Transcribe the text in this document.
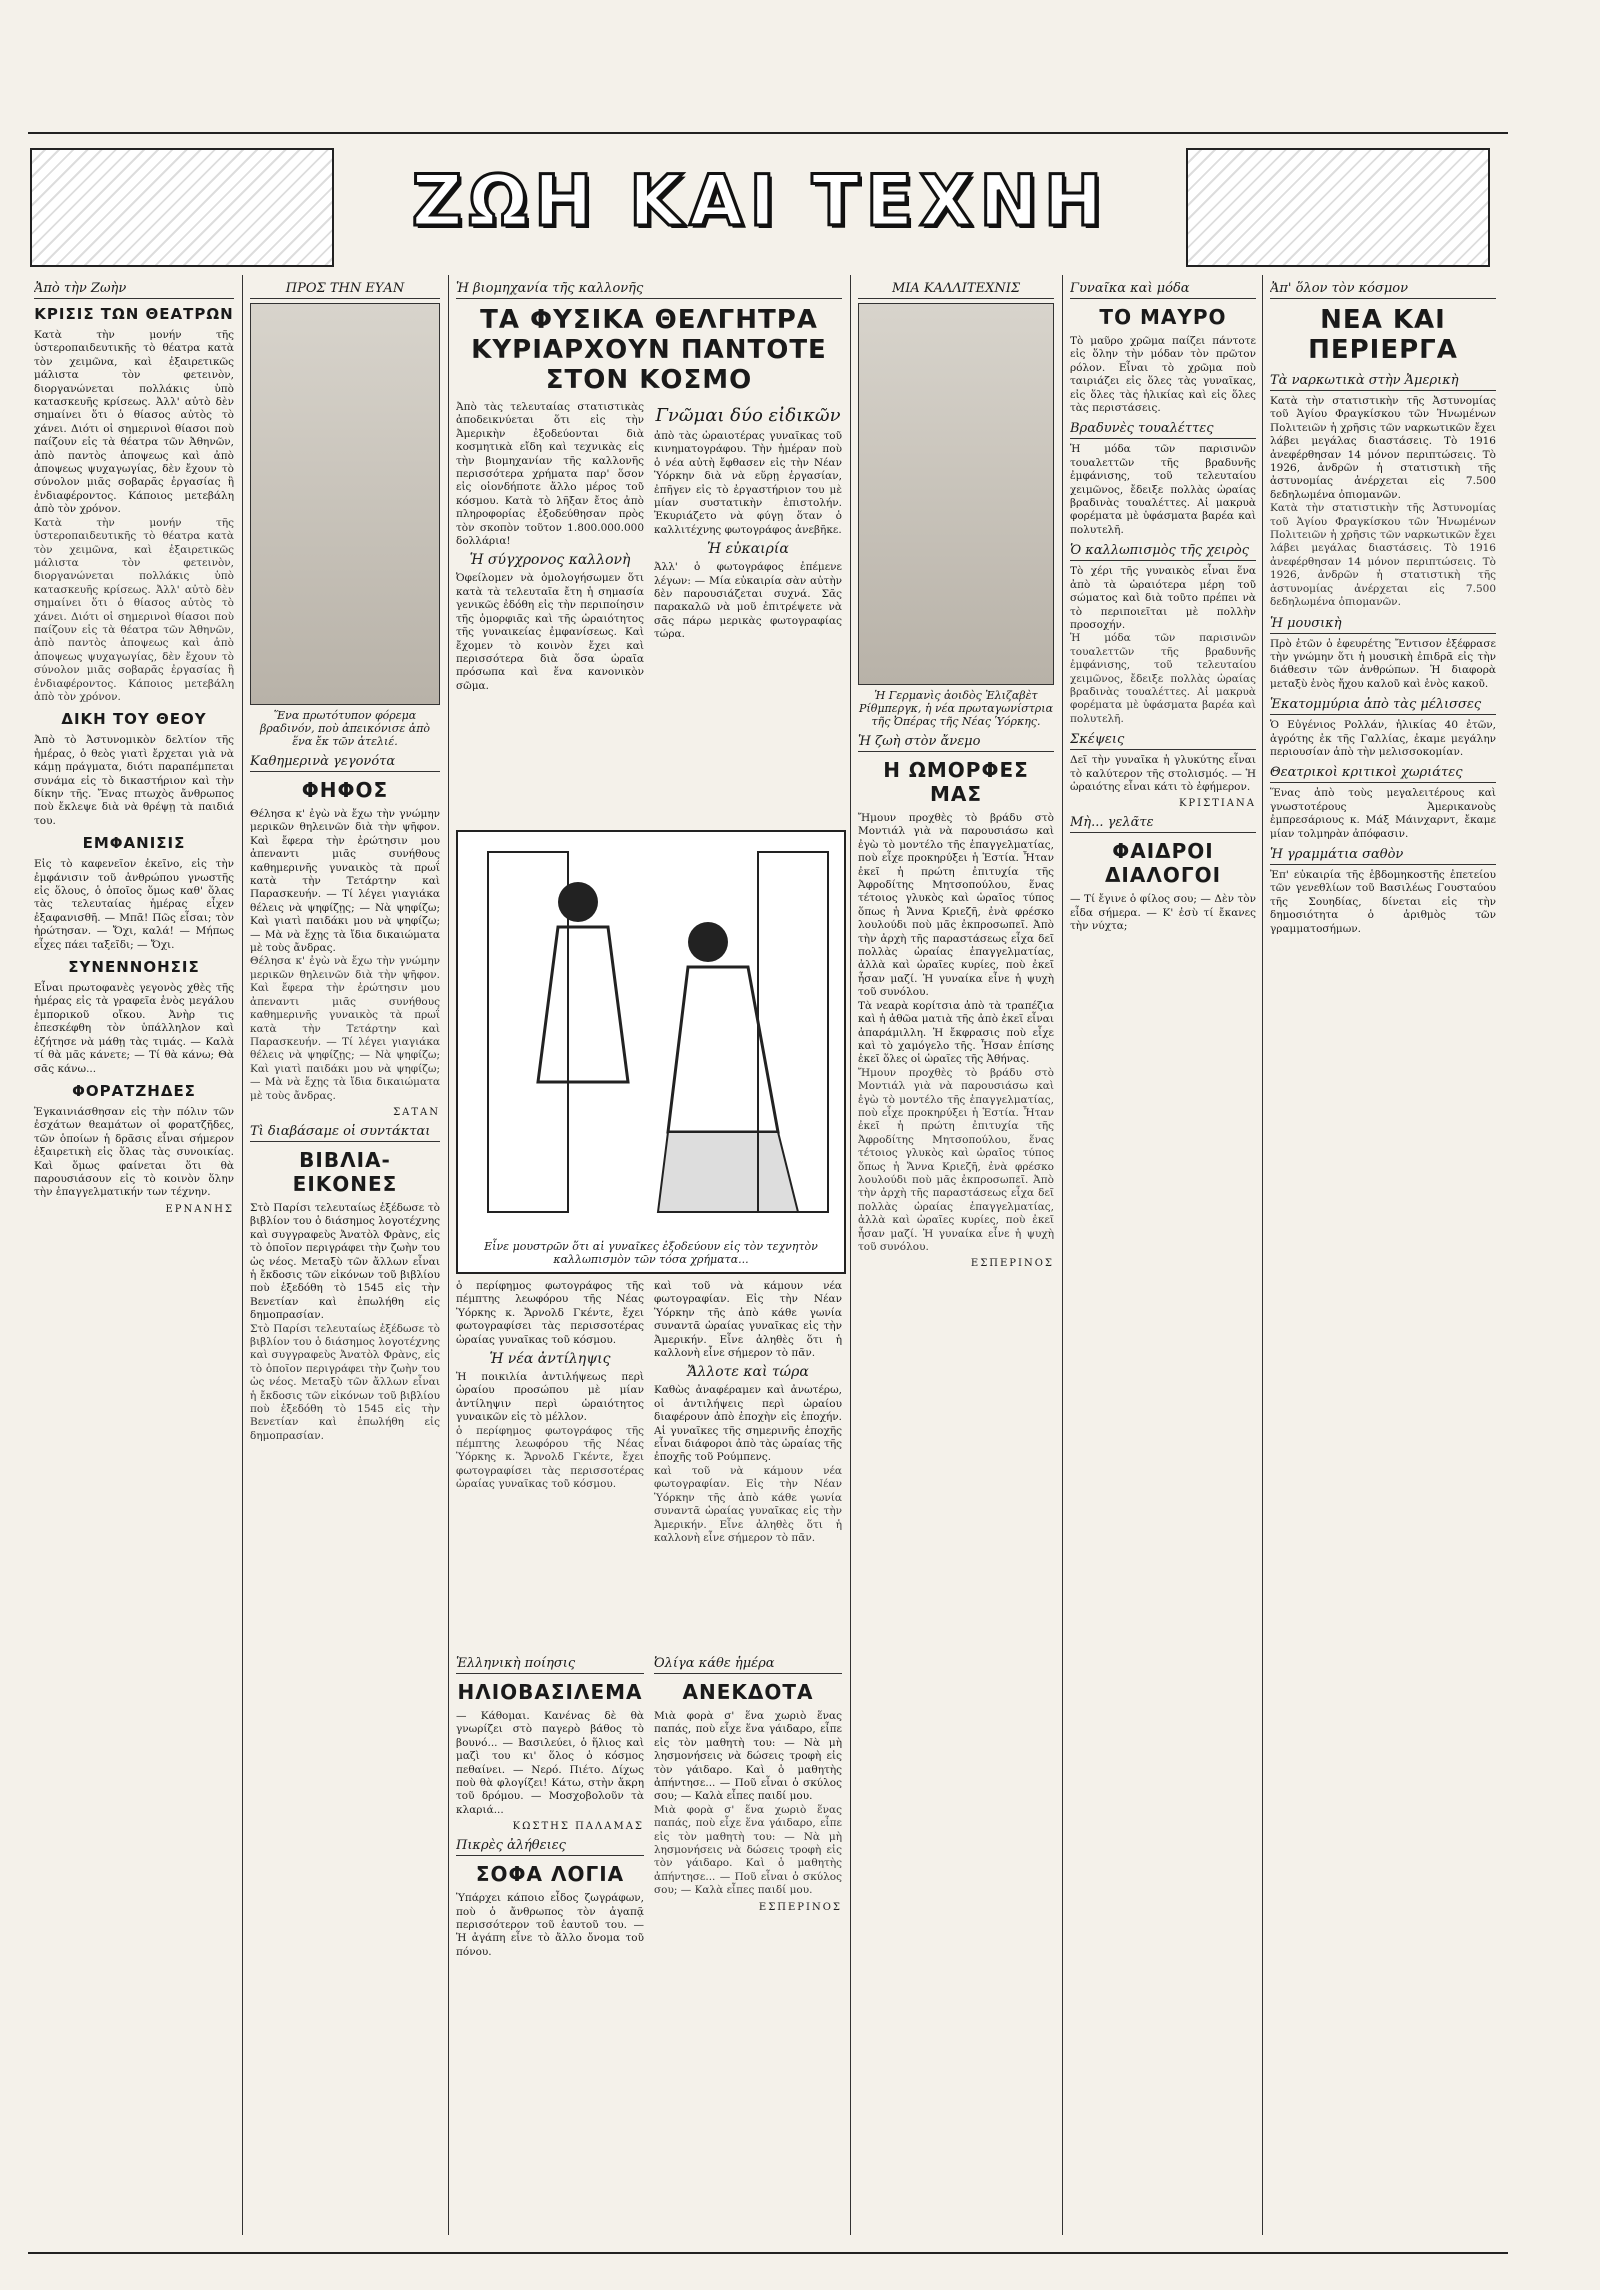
ΖΩΗ ΚΑΙ ΤΕΧΝΗ
Ἀπὸ τὴν Ζωὴν
ΚΡΙΣΙΣ ΤΩΝ ΘΕΑΤΡΩΝ
Κατὰ τὴν μονήν τῆς ὑστεροπαιδευτικῆς τὸ θέατρα κατὰ τὸν χειμῶνα, καὶ ἐξαιρετικῶς μάλιστα τὸν φετεινὸν, διοργανώνεται πολλάκις ὑπὸ κατασκευῆς κρίσεως. Ἀλλ' αὐτὸ δὲν σημαίνει ὅτι ὁ θίασος αὐτὸς τὸ χάνει. Διότι οἱ σημερινοὶ θίασοι ποὺ παίζουν εἰς τὰ θέατρα τῶν Ἀθηνῶν, ἀπὸ παντὸς ἀποψεως καὶ ἀπὸ ἀποψεως ψυχαγωγίας, δὲν ἔχουν τὸ σύνολον μιᾶς σοβαρᾶς ἐργασίας ἢ ἐνδιαφέροντος. Κάποιος μετεβάλη ἀπὸ τὸν χρόνον.
Κατὰ τὴν μονήν τῆς ὑστεροπαιδευτικῆς τὸ θέατρα κατὰ τὸν χειμῶνα, καὶ ἐξαιρετικῶς μάλιστα τὸν φετεινὸν, διοργανώνεται πολλάκις ὑπὸ κατασκευῆς κρίσεως. Ἀλλ' αὐτὸ δὲν σημαίνει ὅτι ὁ θίασος αὐτὸς τὸ χάνει. Διότι οἱ σημερινοὶ θίασοι ποὺ παίζουν εἰς τὰ θέατρα τῶν Ἀθηνῶν, ἀπὸ παντὸς ἀποψεως καὶ ἀπὸ ἀποψεως ψυχαγωγίας, δὲν ἔχουν τὸ σύνολον μιᾶς σοβαρᾶς ἐργασίας ἢ ἐνδιαφέροντος. Κάποιος μετεβάλη ἀπὸ τὸν χρόνον.
ΔΙΚΗ ΤΟΥ ΘΕΟΥ
Ἀπὸ τὸ Ἀστυνομικὸν δελτίον τῆς ἡμέρας, ὁ θεὸς γιατὶ ἔρχεται γιὰ νὰ κάμῃ πράγματα, διότι παραπέμπεται συνάμα εἰς τὸ δικαστήριον καὶ τὴν δίκην τῆς. Ἔνας πτωχὸς ἄνθρωπος ποὺ ἔκλεψε διὰ νὰ θρέψῃ τὰ παιδιά του.
ΕΜΦΑΝΙΣΙΣ
Εἰς τὸ καφενεῖον ἐκεῖνο, εἰς τὴν ἐμφάνισιν τοῦ ἀνθρώπου γνωστῆς εἰς ὅλους, ὁ ὁποῖος ὅμως καθ' ὅλας τὰς τελευταίας ἡμέρας εἶχεν ἐξαφανισθῆ. — Μπᾶ! Πῶς εἶσαι; τὸν ἠρώτησαν. — Ὄχι, καλά! — Μήπως εἶχες πάει ταξεῖδι; — Ὄχι.
ΣΥΝΕΝΝΟΗΣΙΣ
Εἶναι πρωτοφανὲς γεγονὸς χθὲς τῆς ἡμέρας εἰς τὰ γραφεῖα ἑνὸς μεγάλου ἐμπορικοῦ οἴκου. Ἀνὴρ τις ἐπεσκέφθη τὸν ὑπάλληλον καὶ ἐζήτησε νὰ μάθῃ τὰς τιμάς. — Καλὰ τί θὰ μᾶς κάνετε; — Τί θὰ κάνω; Θὰ σᾶς κάνω...
ΦΟΡΑΤΖΗΔΕΣ
Ἐγκαινιάσθησαν εἰς τὴν πόλιν τῶν ἐσχάτων θεαμάτων οἱ φορατζῆδες, τῶν ὁποίων ἡ δρᾶσις εἶναι σήμερον ἐξαιρετικὴ εἰς ὅλας τὰς συνοικίας. Καὶ ὅμως φαίνεται ὅτι θὰ παρουσιάσουν εἰς τὸ κοινὸν ὅλην τὴν ἐπαγγελματικήν των τέχνην.
ΕΡΝΑΝΗΣ
ΠΡΟΣ ΤΗΝ ΕΥΑΝ
Ἕνα πρωτότυπον φόρεμα βραδινόν, ποὺ ἀπεικόνισε ἀπὸ ἕνα ἔκ τῶν ἀτελιέ.
Καθημερινὰ γεγονότα
ΦΗΦΟΣ
Θέλησα κ' ἐγὼ νὰ ἔχω τὴν γνώμην μερικῶν θηλεινῶν διὰ τὴν ψῆφον. Καὶ ἔφερα τὴν ἐρώτησιν μου ἀπεναντι μιᾶς συνήθους καθημερινῆς γυναικὸς τὰ πρωΐ κατὰ τὴν Τετάρτην καὶ Παρασκευήν. — Τί λέγει γιαγιάκα θέλεις νὰ ψηφίζῃς; — Νὰ ψηφίζω; Καὶ γιατὶ παιδάκι μου νὰ ψηφίζω; — Μὰ νὰ ἔχῃς τὰ ἴδια δικαιώματα μὲ τοὺς ἄνδρας.
Θέλησα κ' ἐγὼ νὰ ἔχω τὴν γνώμην μερικῶν θηλεινῶν διὰ τὴν ψῆφον. Καὶ ἔφερα τὴν ἐρώτησιν μου ἀπεναντι μιᾶς συνήθους καθημερινῆς γυναικὸς τὰ πρωΐ κατὰ τὴν Τετάρτην καὶ Παρασκευήν. — Τί λέγει γιαγιάκα θέλεις νὰ ψηφίζῃς; — Νὰ ψηφίζω; Καὶ γιατὶ παιδάκι μου νὰ ψηφίζω; — Μὰ νὰ ἔχῃς τὰ ἴδια δικαιώματα μὲ τοὺς ἄνδρας.
ΣΑΤΑΝ
Τὶ διαβάσαμε οἱ συντάκται
ΒΙΒΛΙΑ-ΕΙΚΟΝΕΣ
Στὸ Παρίσι τελευταίως ἐξέδωσε τὸ βιβλίον του ὁ διάσημος λογοτέχνης καὶ συγγραφεὺς Ἀνατὸλ Φρὰνς, εἰς τὸ ὁποῖον περιγράφει τὴν ζωὴν του ὡς νέος. Μεταξὺ τῶν ἄλλων εἶναι ἡ ἔκδοσις τῶν εἰκόνων τοῦ βιβλίου ποὺ ἐξεδόθη τὸ 1545 εἰς τὴν Βενετίαν καὶ ἐπωλήθη εἰς δημοπρασίαν.
Στὸ Παρίσι τελευταίως ἐξέδωσε τὸ βιβλίον του ὁ διάσημος λογοτέχνης καὶ συγγραφεὺς Ἀνατὸλ Φρὰνς, εἰς τὸ ὁποῖον περιγράφει τὴν ζωὴν του ὡς νέος. Μεταξὺ τῶν ἄλλων εἶναι ἡ ἔκδοσις τῶν εἰκόνων τοῦ βιβλίου ποὺ ἐξεδόθη τὸ 1545 εἰς τὴν Βενετίαν καὶ ἐπωλήθη εἰς δημοπρασίαν.
Ἡ βιομηχανία τῆς καλλονῆς
ΤΑ ΦΥΣΙΚΑ ΘΕΛΓΗΤΡΑ ΚΥΡΙΑΡΧΟΥΝ ΠΑΝΤΟΤΕ ΣΤΟΝ ΚΟΣΜΟ
Ἀπὸ τὰς τελευταίας στατιστικὰς ἀποδεικνύεται ὅτι εἰς τὴν Ἀμερικὴν ἐξοδεύονται διὰ κοσμητικὰ εἴδη καὶ τεχνικὰς εἰς τὴν βιομηχανίαν τῆς καλλονῆς περισσότερα χρήματα παρ' ὅσον εἰς οἱονδήποτε ἄλλο μέρος τοῦ κόσμου. Κατὰ τὸ λῆξαν ἔτος ἀπὸ πληροφορίας ἐξοδεύθησαν πρὸς τὸν σκοπὸν τοῦτον 1.800.000.000 δολλάρια!
Ἡ σύγχρονος καλλονὴ
Ὀφείλομεν νὰ ὁμολογήσωμεν ὅτι κατὰ τὰ τελευταῖα ἔτη ἡ σημασία γενικῶς ἐδόθη εἰς τὴν περιποίησιν τῆς ὀμορφιᾶς καὶ τῆς ὡραιότητος τῆς γυναικείας ἐμφανίσεως. Καὶ ἔχομεν τὸ κοινὸν ἔχει καὶ περισσότερα διὰ ὅσα ὡραῖα πρόσωπα καὶ ἕνα κανονικὸν σῶμα.
Γνῶμαι δύο εἰδικῶν
ἀπὸ τὰς ὡραιοτέρας γυναῖκας τοῦ κινηματογράφου. Τὴν ἡμέραν ποὺ ὁ νέα αὐτὴ ἔφθασεν εἰς τὴν Νέαν Ὑόρκην διὰ νὰ εὕρῃ ἐργασίαν, ἐπῆγεν εἰς τὸ ἐργαστήριον του μὲ μίαν συστατικὴν ἐπιστολήν. Ἐκυριάζετο νὰ φύγῃ ὅταν ὁ καλλιτέχνης φωτογράφος ἀνεβῆκε.
Ἡ εὐκαιρία
Ἀλλ' ὁ φωτογράφος ἐπέμενε λέγων: — Μία εὐκαιρία σὰν αὐτὴν δὲν παρουσιάζεται συχνά. Σᾶς παρακαλῶ νὰ μοῦ ἐπιτρέψετε νὰ σᾶς πάρω μερικὰς φωτογραφίας τώρα.
Εἶνε μουστρῶν ὅτι αἱ γυναῖκες ἐξοδεύουν εἰς τὸν τεχνητὸν καλλωπισμὸν τῶν τόσα χρήματα...
ὁ περίφημος φωτογράφος τῆς πέμπτης λεωφόρου τῆς Νέας Ὑόρκης κ. Ἄρνολδ Γκέντε, ἔχει φωτογραφίσει τὰς περισσοτέρας ὡραίας γυναῖκας τοῦ κόσμου.
Ἡ νέα ἀντίληψις
Ἡ ποικιλία ἀντιλήψεως περὶ ὡραίου προσώπου μὲ μίαν ἀντίληψιν περὶ ὡραιότητος γυναικῶν εἰς τὸ μέλλον.
ὁ περίφημος φωτογράφος τῆς πέμπτης λεωφόρου τῆς Νέας Ὑόρκης κ. Ἄρνολδ Γκέντε, ἔχει φωτογραφίσει τὰς περισσοτέρας ὡραίας γυναῖκας τοῦ κόσμου.
καὶ τοῦ νὰ κάμουν νέα φωτογραφίαν. Εἰς τὴν Νέαν Ὑόρκην τῆς ἀπὸ κάθε γωνία συναντᾶ ὡραίας γυναῖκας εἰς τὴν Ἀμερικήν. Εἶνε ἀληθὲς ὅτι ἡ καλλονὴ εἶνε σήμερον τὸ πᾶν.
Ἄλλοτε καὶ τώρα
Καθὼς ἀναφέραμεν καὶ ἀνωτέρω, οἱ ἀντιλήψεις περὶ ὡραίου διαφέρουν ἀπὸ ἐποχὴν εἰς ἐποχήν. Αἱ γυναῖκες τῆς σημερινῆς ἐποχῆς εἶναι διάφοροι ἀπὸ τὰς ὡραίας τῆς ἐποχῆς τοῦ Ρούμπενς.
καὶ τοῦ νὰ κάμουν νέα φωτογραφίαν. Εἰς τὴν Νέαν Ὑόρκην τῆς ἀπὸ κάθε γωνία συναντᾶ ὡραίας γυναῖκας εἰς τὴν Ἀμερικήν. Εἶνε ἀληθὲς ὅτι ἡ καλλονὴ εἶνε σήμερον τὸ πᾶν.
Ἑλληνικὴ ποίησις
ΗΛΙΟΒΑΣΙΛΕΜΑ
— Κάθομαι. Κανένας δὲ θὰ γνωρίζει στὸ παγερὸ βάθος τὸ βουνό... — Βασιλεύει, ὁ ἥλιος καὶ μαζὶ του κι' ὅλος ὁ κόσμος πεθαίνει. — Νερό. Πιέτο. Δίχως ποὺ θὰ φλογίζει! Κάτω, στὴν ἄκρη τοῦ δρόμου. — Μοσχοβολοῦν τὰ κλαριά...
ΚΩΣΤΗΣ ΠΑΛΑΜΑΣ
Πικρὲς ἀλήθειες
ΣΟΦΑ ΛΟΓΙΑ
Ὑπάρχει κάποιο εἶδος ζωγράφων, ποὺ ὁ ἄνθρωπος τὸν ἀγαπᾷ περισσότερον τοῦ ἑαυτοῦ του. — Ἡ ἀγάπη εἶνε τὸ ἄλλο ὄνομα τοῦ πόνου.
Ὀλίγα κάθε ἡμέρα
ΑΝΕΚΔΟΤΑ
Μιὰ φορὰ σ' ἕνα χωριὸ ἕνας παπάς, ποὺ εἶχε ἕνα γάιδαρο, εἶπε εἰς τὸν μαθητὴ του: — Νὰ μὴ λησμονήσεις νὰ δώσεις τροφὴ εἰς τὸν γάιδαρο. Καὶ ὁ μαθητὴς ἀπήντησε... — Ποῦ εἶναι ὁ σκύλος σου; — Καλὰ εἶπες παιδί μου.
Μιὰ φορὰ σ' ἕνα χωριὸ ἕνας παπάς, ποὺ εἶχε ἕνα γάιδαρο, εἶπε εἰς τὸν μαθητὴ του: — Νὰ μὴ λησμονήσεις νὰ δώσεις τροφὴ εἰς τὸν γάιδαρο. Καὶ ὁ μαθητὴς ἀπήντησε... — Ποῦ εἶναι ὁ σκύλος σου; — Καλὰ εἶπες παιδί μου.
ΕΣΠΕΡΙΝΟΣ
ΜΙΑ ΚΑΛΛΙΤΕΧΝΙΣ
Ἡ Γερμανὶς ἀοιδὸς Ἐλιζαβὲτ Ρίθμπεργκ, ἡ νέα πρωταγωνίστρια τῆς Ὀπέρας τῆς Νέας Ὑόρκης.
Ἡ ζωὴ στὸν ἄνεμο
Η ΩΜΟΡΦΕΣ ΜΑΣ
Ἤμουν προχθὲς τὸ βράδυ στὸ Μοντιάλ γιὰ νὰ παρουσιάσω καὶ ἐγὼ τὸ μοντέλο τῆς ἐπαγγελματίας, ποὺ εἶχε προκηρύξει ἡ Ἑστία. Ἦταν ἐκεῖ ἡ πρώτη ἐπιτυχία τῆς Ἀφροδίτης Μητσοπούλου, ἕνας τέτοιος γλυκὸς καὶ ὡραῖος τύπος ὅπως ἡ Ἄννα Κριεζῆ, ἐνὰ φρέσκο λουλούδι ποὺ μᾶς ἐκπροσωπεῖ. Ἀπὸ τὴν ἀρχὴ τῆς παραστάσεως εἶχα δεῖ πολλὰς ὡραίας ἐπαγγελματίας, ἀλλὰ καὶ ὡραῖες κυρίες, ποὺ ἐκεῖ ἦσαν μαζί. Ἡ γυναίκα εἶνε ἡ ψυχὴ τοῦ συνόλου.
Τὰ νεαρὰ κορίτσια ἀπὸ τὰ τραπέζια καὶ ἡ ἀθῶα ματιὰ τῆς ἀπὸ ἐκεῖ εἶναι ἀπαράμιλλη. Ἡ ἔκφρασις ποὺ εἶχε καὶ τὸ χαμόγελο τῆς. Ἦσαν ἐπίσης ἐκεῖ ὅλες οἱ ὡραῖες τῆς Ἀθήνας.
Ἤμουν προχθὲς τὸ βράδυ στὸ Μοντιάλ γιὰ νὰ παρουσιάσω καὶ ἐγὼ τὸ μοντέλο τῆς ἐπαγγελματίας, ποὺ εἶχε προκηρύξει ἡ Ἑστία. Ἦταν ἐκεῖ ἡ πρώτη ἐπιτυχία τῆς Ἀφροδίτης Μητσοπούλου, ἕνας τέτοιος γλυκὸς καὶ ὡραῖος τύπος ὅπως ἡ Ἄννα Κριεζῆ, ἐνὰ φρέσκο λουλούδι ποὺ μᾶς ἐκπροσωπεῖ. Ἀπὸ τὴν ἀρχὴ τῆς παραστάσεως εἶχα δεῖ πολλὰς ὡραίας ἐπαγγελματίας, ἀλλὰ καὶ ὡραῖες κυρίες, ποὺ ἐκεῖ ἦσαν μαζί. Ἡ γυναίκα εἶνε ἡ ψυχὴ τοῦ συνόλου.
ΕΣΠΕΡΙΝΟΣ
Γυναῖκα καὶ μόδα
ΤΟ ΜΑΥΡΟ
Τὸ μαῦρο χρῶμα παίζει πάντοτε εἰς ὅλην τὴν μόδαν τὸν πρῶτον ρόλον. Εἶναι τὸ χρῶμα ποὺ ταιριάζει εἰς ὅλες τὰς γυναῖκας, εἰς ὅλες τὰς ἡλικίας καὶ εἰς ὅλες τὰς περιστάσεις.
Βραδυνὲς τουαλέττες
Ἡ μόδα τῶν παρισινῶν τουαλεττῶν τῆς βραδυνῆς ἐμφάνισης, τοῦ τελευταίου χειμῶνος, ἔδειξε πολλὰς ὡραίας βραδινὰς τουαλέττες. Αἱ μακρυὰ φορέματα μὲ ὑφάσματα βαρέα καὶ πολυτελῆ.
Ὁ καλλωπισμὸς τῆς χειρὸς
Τὸ χέρι τῆς γυναικὸς εἶναι ἕνα ἀπὸ τὰ ὡραιότερα μέρη τοῦ σώματος καὶ διὰ τοῦτο πρέπει νὰ τὸ περιποιεῖται μὲ πολλὴν προσοχήν.
Ἡ μόδα τῶν παρισινῶν τουαλεττῶν τῆς βραδυνῆς ἐμφάνισης, τοῦ τελευταίου χειμῶνος, ἔδειξε πολλὰς ὡραίας βραδινὰς τουαλέττες. Αἱ μακρυὰ φορέματα μὲ ὑφάσματα βαρέα καὶ πολυτελῆ.
Σκέψεις
Δεῖ τὴν γυναῖκα ἡ γλυκύτης εἶναι τὸ καλύτερον τῆς στολισμός. — Ἡ ὡραιότης εἶναι κάτι τὸ ἐφήμερον.
ΚΡΙΣΤΙΑΝΑ
Μὴ... γελᾶτε
ΦΑΙΔΡΟΙ ΔΙΑΛΟΓΟΙ
— Τί ἔγινε ὁ φίλος σου; — Δὲν τὸν εἶδα σήμερα. — Κ' ἐσὺ τί ἔκανες τὴν νύχτα;
Ἀπ' ὅλον τὸν κόσμον
ΝΕΑ ΚΑΙ ΠΕΡΙΕΡΓΑ
Τὰ ναρκωτικὰ στὴν Ἀμερικὴ
Κατὰ τὴν στατιστικὴν τῆς Ἀστυνομίας τοῦ Ἁγίου Φραγκίσκου τῶν Ἡνωμένων Πολιτειῶν ἡ χρῆσις τῶν ναρκωτικῶν ἔχει λάβει μεγάλας διαστάσεις. Τὸ 1916 ἀνεφέρθησαν 14 μόνον περιπτώσεις. Τὸ 1926, ἀνδρῶν ἡ στατιστικὴ τῆς ἀστυνομίας ἀνέρχεται εἰς 7.500 δεδηλωμένα ὀπιομανῶν.
Κατὰ τὴν στατιστικὴν τῆς Ἀστυνομίας τοῦ Ἁγίου Φραγκίσκου τῶν Ἡνωμένων Πολιτειῶν ἡ χρῆσις τῶν ναρκωτικῶν ἔχει λάβει μεγάλας διαστάσεις. Τὸ 1916 ἀνεφέρθησαν 14 μόνον περιπτώσεις. Τὸ 1926, ἀνδρῶν ἡ στατιστικὴ τῆς ἀστυνομίας ἀνέρχεται εἰς 7.500 δεδηλωμένα ὀπιομανῶν.
Ἡ μουσικὴ
Πρὸ ἐτῶν ὁ ἐφευρέτης Ἔντισον ἐξέφρασε τὴν γνώμην ὅτι ἡ μουσικὴ ἐπιδρᾶ εἰς τὴν διάθεσιν τῶν ἀνθρώπων. Ἡ διαφορὰ μεταξὺ ἑνὸς ἤχου καλοῦ καὶ ἑνὸς κακοῦ.
Ἑκατομμύρια ἀπὸ τὰς μέλισσες
Ὁ Εὐγένιος Ρολλάν, ἡλικίας 40 ἐτῶν, ἀγρότης ἐκ τῆς Γαλλίας, ἐκαμε μεγάλην περιουσίαν ἀπὸ τὴν μελισσοκομίαν.
Θεατρικοὶ κριτικοὶ χωριάτες
Ἕνας ἀπὸ τοὺς μεγαλειτέρους καὶ γνωστοτέρους Ἀμερικανοὺς ἐμπρεσάριους κ. Μάξ Μάινχαρντ, ἔκαμε μίαν τολμηρὰν ἀπόφασιν.
Ἡ γραμμάτια σαθὸν
Ἐπ' εὐκαιρία τῆς ἑβδομηκοστῆς ἐπετείου τῶν γενεθλίων τοῦ Βασιλέως Γουσταύου τῆς Σουηδίας, δίνεται εἰς τὴν δημοσιότητα ὁ ἀριθμὸς τῶν γραμματοσήμων.
